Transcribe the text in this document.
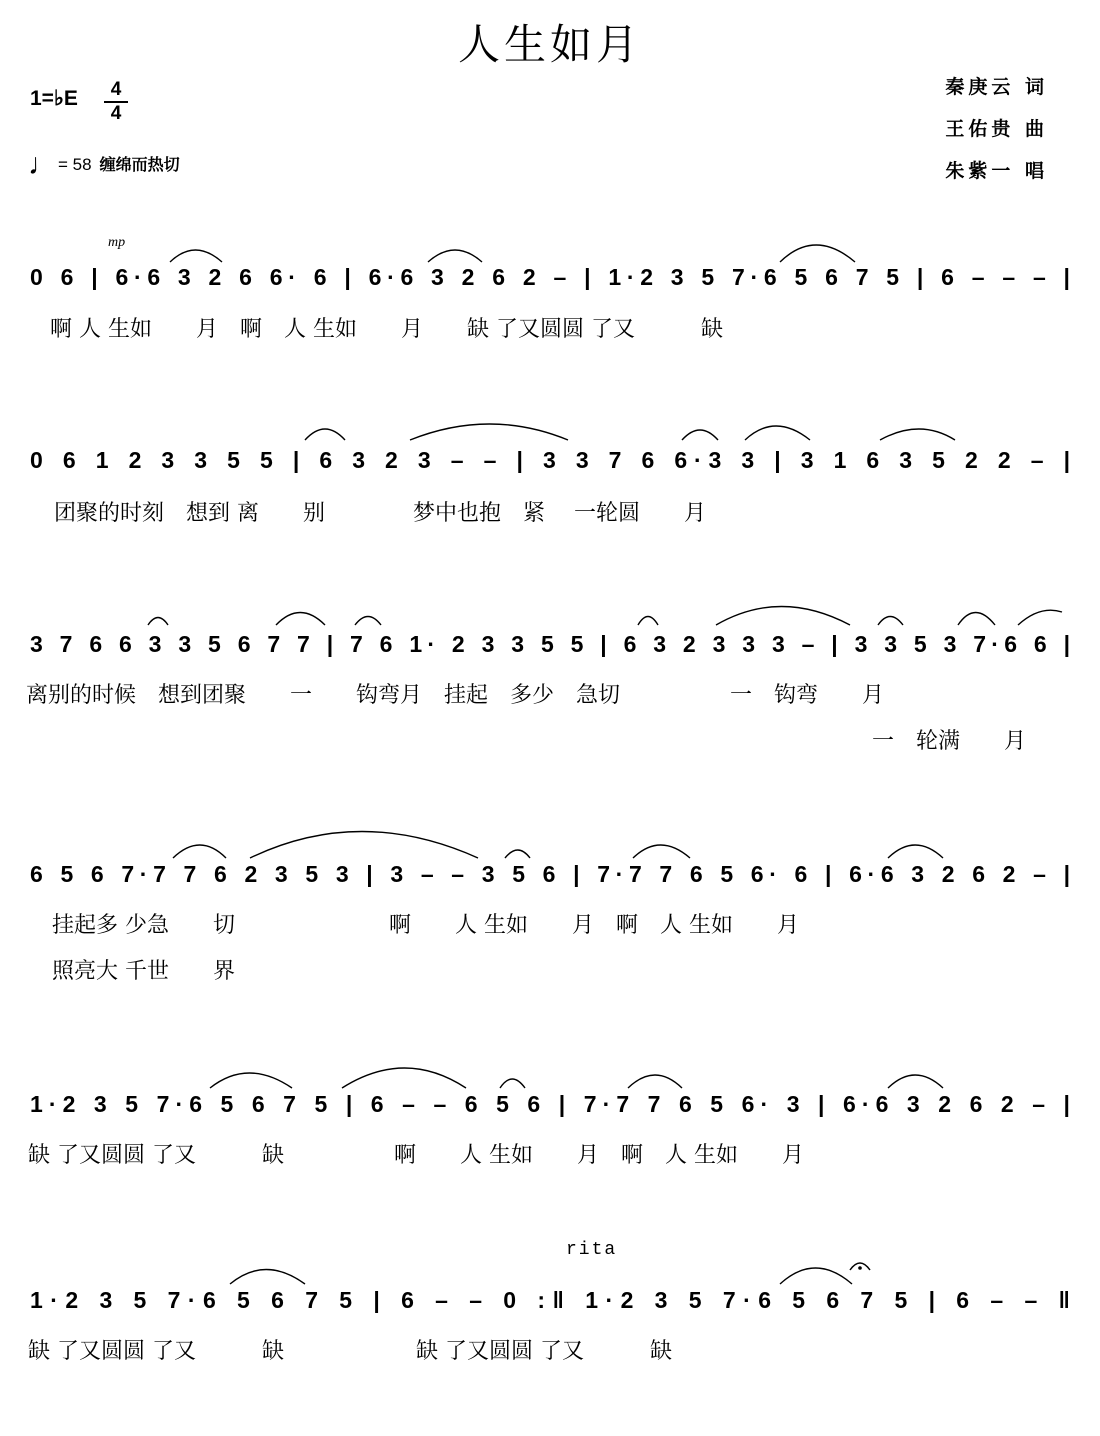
人生如月
1=♭E	4
4
♩= 58 缠绵而热切
秦庚云 词
王佑贵 曲
朱紫一 唱
rita
mp
0 6 | 6·6 3 2 6 6· 6 | 6·6 3 2 6 2 – | 1·2 3 5 7·6 5 6 7 5 | 6 – – – |
啊 人 生如　　月　啊　人 生如　　月　　缺 了又圆圆 了又　　　缺
0 6 1 2 3 3 5 5 | 6 3 2 3 – – | 3 3 7 6 6·3 3 | 3 1 6 3 5 2 2 – |
团聚的时刻　想到 离　　别　　　　梦中也抱　紧　 一轮圆　　月
3 7 6 6 3 3 5 6 7 7 | 7 6 1· 2 3 3 5 5 | 6 3 2 3 3 3 – | 3 3 5 3 7·6 6 |
离别的时候　想到团聚　　一　　钩弯月　挂起　多少　急切　　　　　一　钩弯　　月
一　轮满　　月
6 5 6 7·7 7 6 2 3 5 3 | 3 – – 3 5 6 | 7·7 7 6 5 6· 6 | 6·6 3 2 6 2 – |
挂起多 少急　　切　　　　　　　啊　　人 生如　　月　啊　人 生如　　月
照亮大 千世　　界
1·2 3 5 7·6 5 6 7 5 | 6 – – 6 5 6 | 7·7 7 6 5 6· 3 | 6·6 3 2 6 2 – |
缺 了又圆圆 了又　　　缺　　　　　啊　　人 生如　　月　啊　人 生如　　月
1·2 3 5 7·6 5 6 7 5 | 6 – – 0 :‖ 1·2 3 5 7·6 5 6 7 5 | 6 – – ‖
缺 了又圆圆 了又　　　缺　　　　　　缺 了又圆圆 了又　　　缺
